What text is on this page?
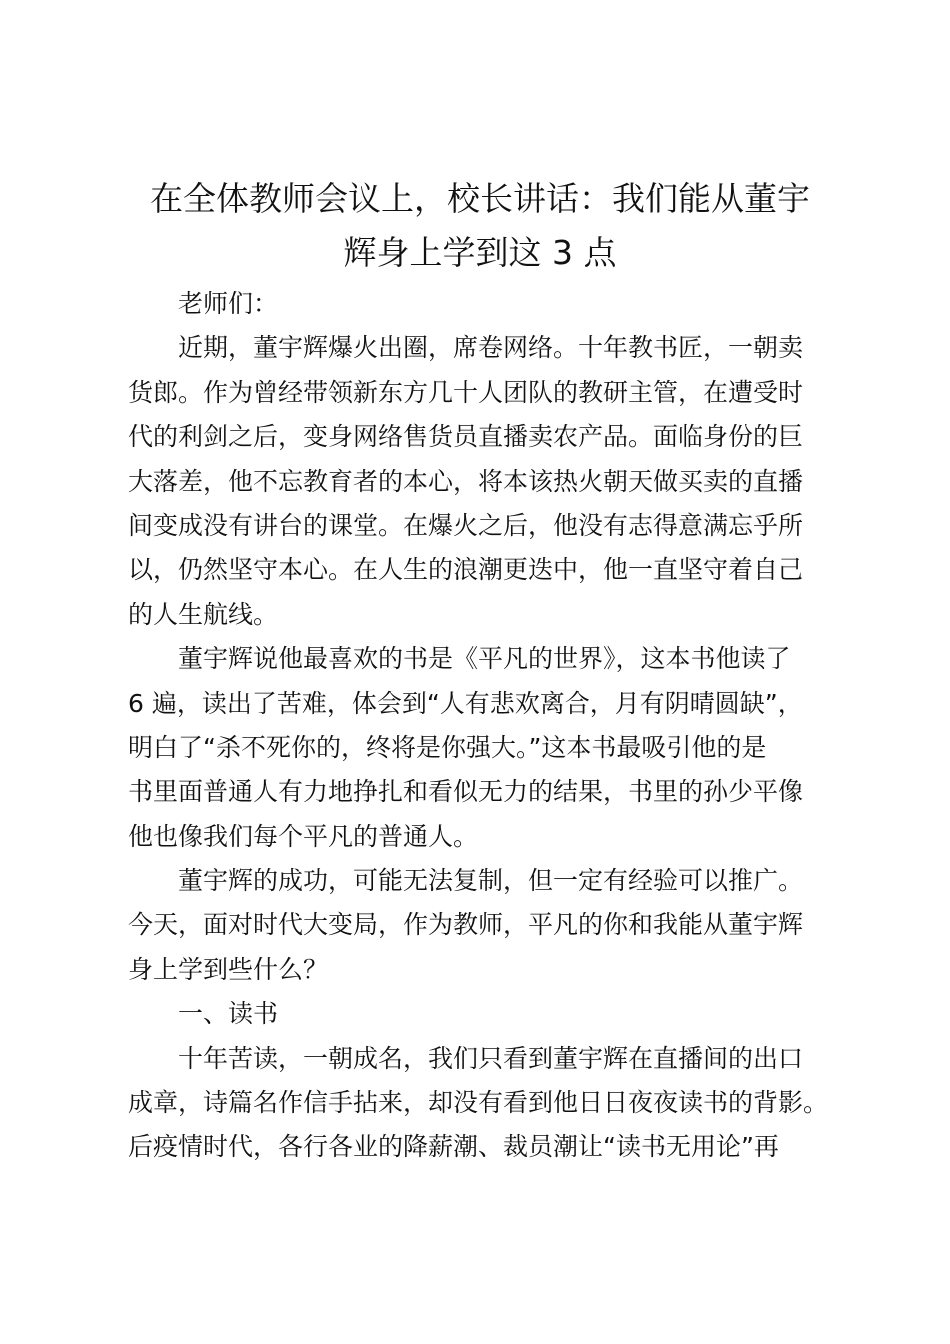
在全体教师会议上，校长讲话：我们能从董宇
辉身上学到这 3 点
老师们：
近期，董宇辉爆火出圈，席卷网络。十年教书匠，一朝卖
货郎。作为曾经带领新东方几十人团队的教研主管，在遭受时
代的利剑之后，变身网络售货员直播卖农产品。面临身份的巨
大落差，他不忘教育者的本心，将本该热火朝天做买卖的直播
间变成没有讲台的课堂。在爆火之后，他没有志得意满忘乎所
以，仍然坚守本心。在人生的浪潮更迭中，他一直坚守着自己
的人生航线。
董宇辉说他最喜欢的书是《平凡的世界》，这本书他读了
6 遍，读出了苦难，体会到“人有悲欢离合，月有阴晴圆缺”，
明白了“杀不死你的，终将是你强大。”这本书最吸引他的是
书里面普通人有力地挣扎和看似无力的结果，书里的孙少平像
他也像我们每个平凡的普通人。
董宇辉的成功，可能无法复制，但一定有经验可以推广。
今天，面对时代大变局，作为教师，平凡的你和我能从董宇辉
身上学到些什么？
一、读书
十年苦读，一朝成名，我们只看到董宇辉在直播间的出口
成章，诗篇名作信手拈来，却没有看到他日日夜夜读书的背影。
后疫情时代，各行各业的降薪潮、裁员潮让“读书无用论”再
